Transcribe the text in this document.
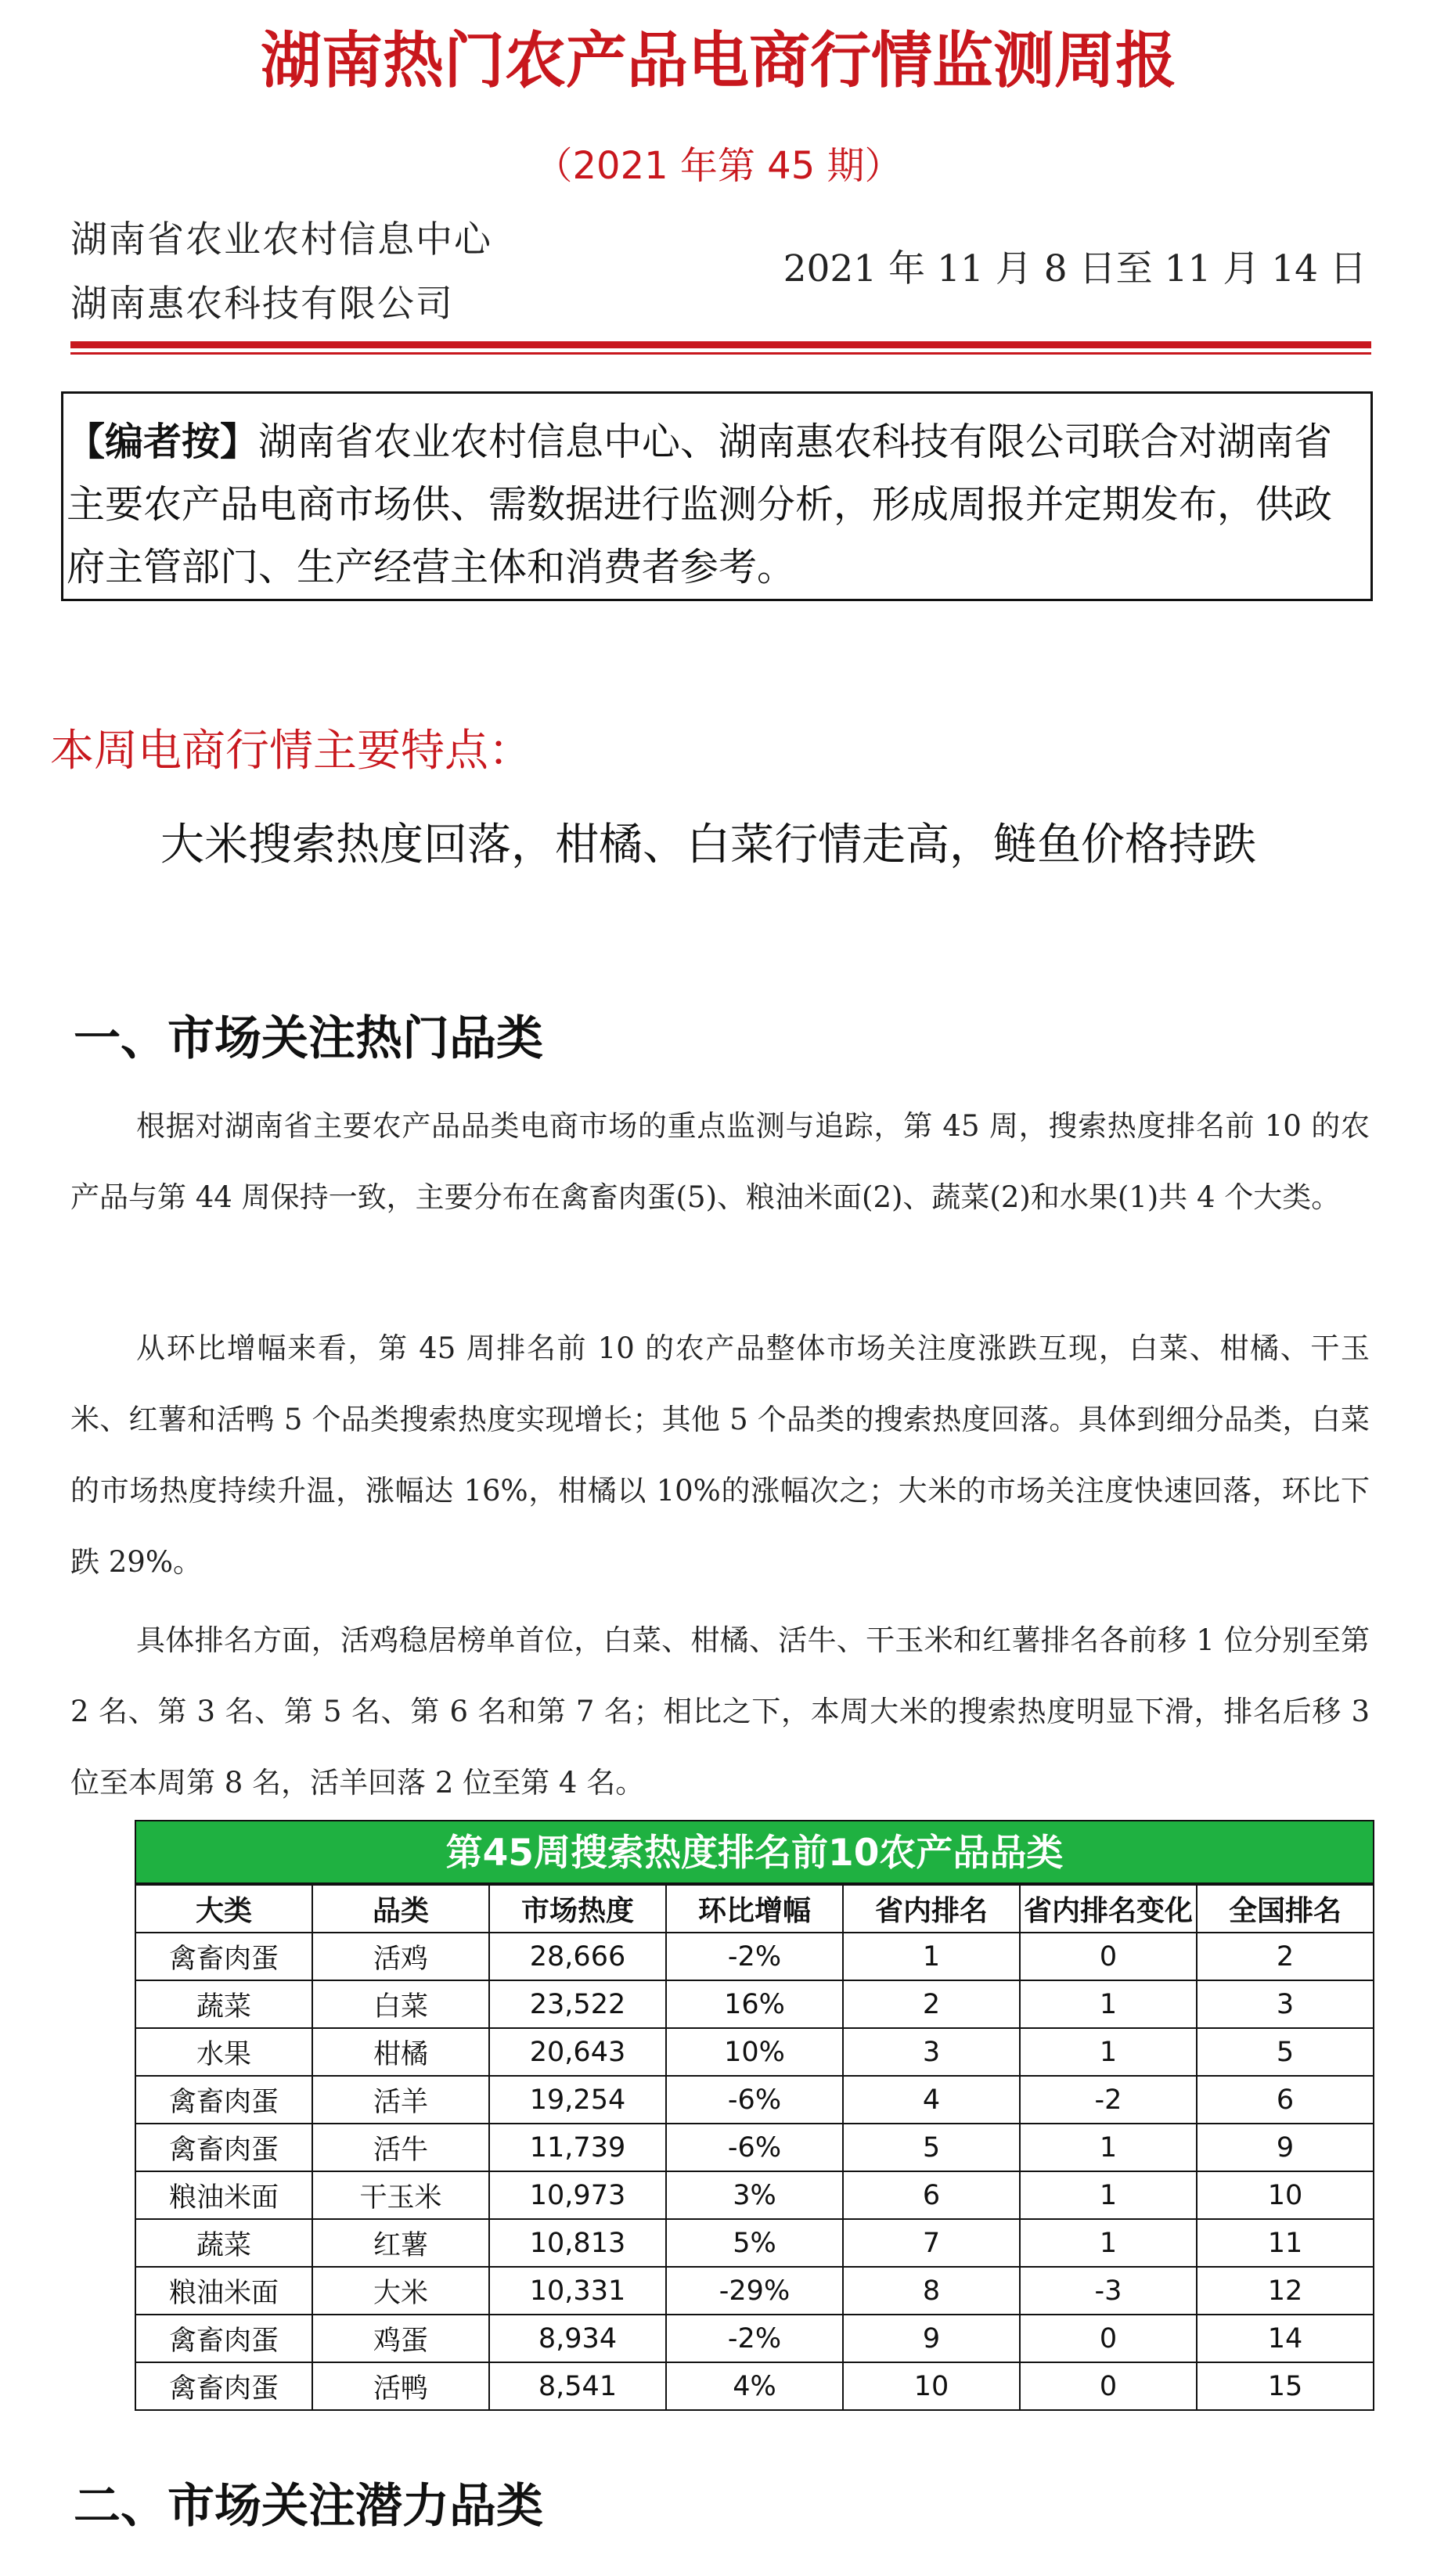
湖南热门农产品电商行情监测周报
（2021 年第 45 期）
湖南省农业农村信息中心
湖南惠农科技有限公司
2021 年 11 月 8 日至 11 月 14 日
【编者按】湖南省农业农村信息中心、湖南惠农科技有限公司联合对湖南省主要农产品电商市场供、需数据进行监测分析，形成周报并定期发布，供政府主管部门、生产经营主体和消费者参考。
本周电商行情主要特点：
大米搜索热度回落，柑橘、白菜行情走高，鲢鱼价格持跌
一、市场关注热门品类
根据对湖南省主要农产品品类电商市场的重点监测与追踪，第 45 周，搜索热度排名前 10 的农产品与第 44 周保持一致，主要分布在禽畜肉蛋(5)、粮油米面(2)、蔬菜(2)和水果(1)共 4 个大类。
从环比增幅来看，第 45 周排名前 10 的农产品整体市场关注度涨跌互现，白菜、柑橘、干玉米、红薯和活鸭 5 个品类搜索热度实现增长；其他 5 个品类的搜索热度回落。具体到细分品类，白菜的市场热度持续升温，涨幅达 16%，柑橘以 10%的涨幅次之；大米的市场关注度快速回落，环比下跌 29%。
具体排名方面，活鸡稳居榜单首位，白菜、柑橘、活牛、干玉米和红薯排名各前移 1 位分别至第 2 名、第 3 名、第 5 名、第 6 名和第 7 名；相比之下，本周大米的搜索热度明显下滑，排名后移 3 位至本周第 8 名，活羊回落 2 位至第 4 名。
第45周搜索热度排名前10农产品品类
大类	品类	市场热度	环比增幅	省内排名	省内排名变化	全国排名
禽畜肉蛋	活鸡	28,666	-2%	1	0	2
蔬菜	白菜	23,522	16%	2	1	3
水果	柑橘	20,643	10%	3	1	5
禽畜肉蛋	活羊	19,254	-6%	4	-2	6
禽畜肉蛋	活牛	11,739	-6%	5	1	9
粮油米面	干玉米	10,973	3%	6	1	10
蔬菜	红薯	10,813	5%	7	1	11
粮油米面	大米	10,331	-29%	8	-3	12
禽畜肉蛋	鸡蛋	8,934	-2%	9	0	14
禽畜肉蛋	活鸭	8,541	4%	10	0	15
二、市场关注潜力品类
